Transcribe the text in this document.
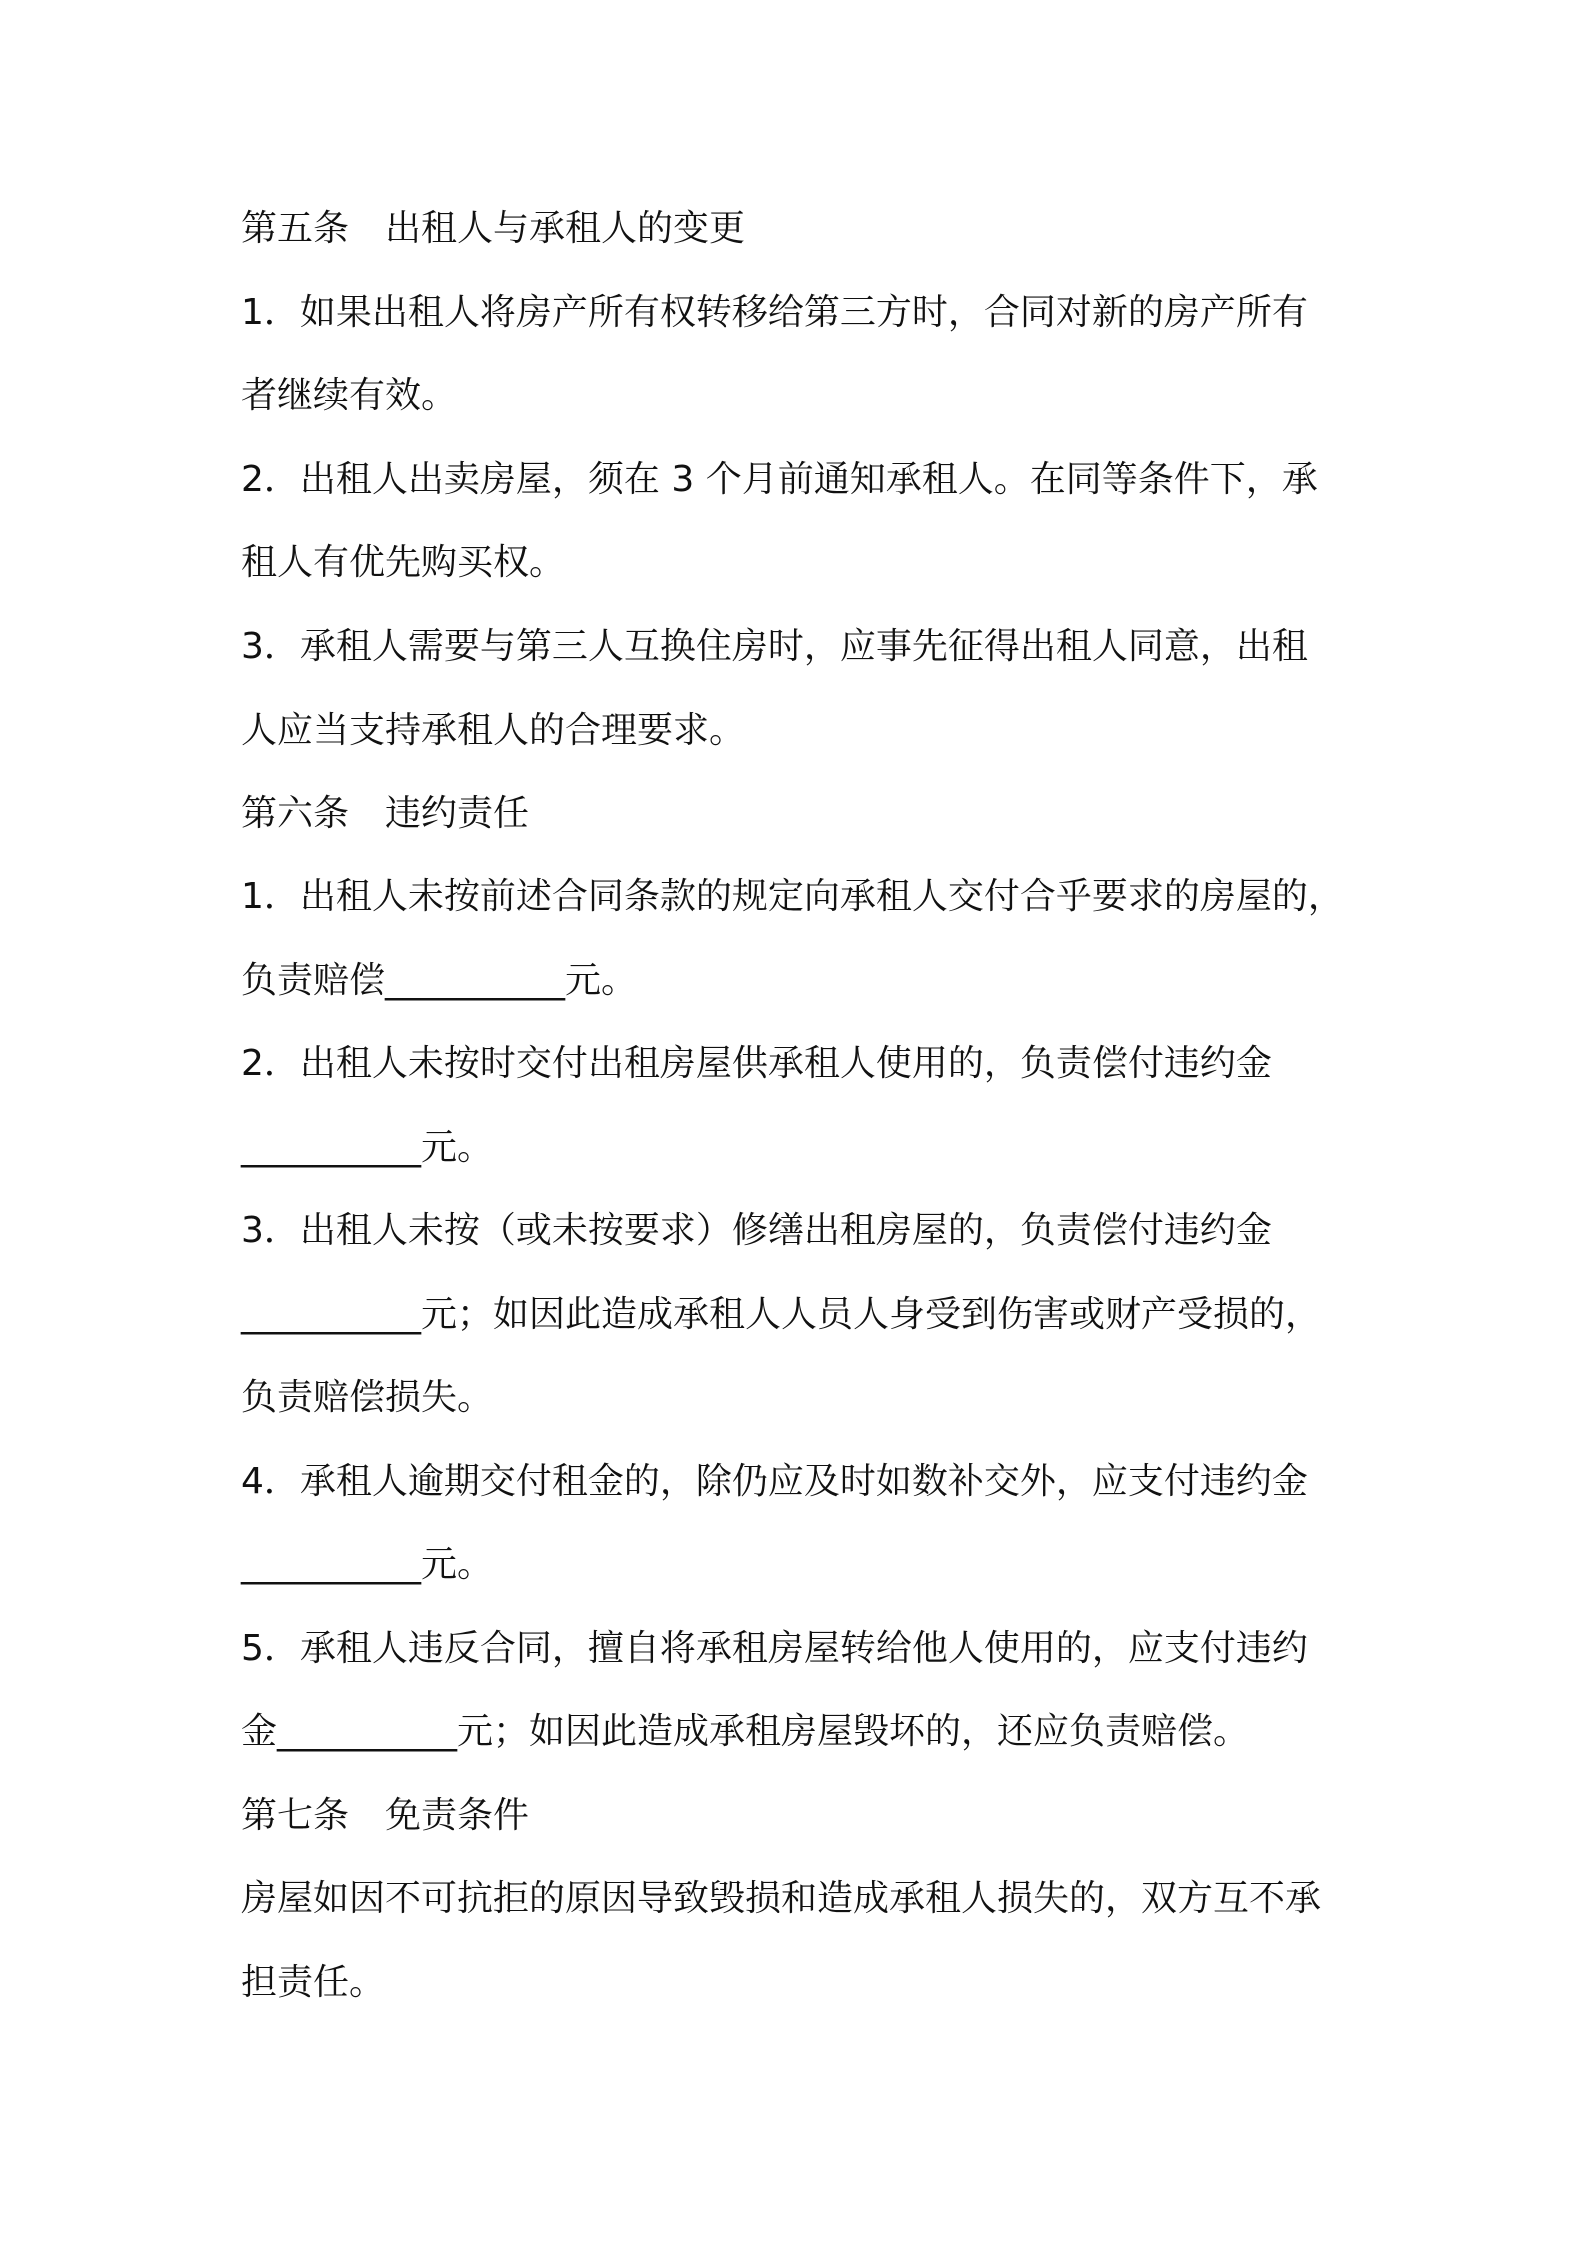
第五条　出租人与承租人的变更

1．如果出租人将房产所有权转移给第三方时，合同对新的房产所有

者继续有效。

2．出租人出卖房屋，须在 3 个月前通知承租人。在同等条件下，承

租人有优先购买权。

3．承租人需要与第三人互换住房时，应事先征得出租人同意，出租

人应当支持承租人的合理要求。

第六条　违约责任

1．出租人未按前述合同条款的规定向承租人交付合乎要求的房屋的，

负责赔偿__________元。

2．出租人未按时交付出租房屋供承租人使用的，负责偿付违约金

__________元。

3．出租人未按（或未按要求）修缮出租房屋的，负责偿付违约金

__________元；如因此造成承租人人员人身受到伤害或财产受损的，

负责赔偿损失。

4．承租人逾期交付租金的，除仍应及时如数补交外，应支付违约金

__________元。

5．承租人违反合同，擅自将承租房屋转给他人使用的，应支付违约

金__________元；如因此造成承租房屋毁坏的，还应负责赔偿。

第七条　免责条件

房屋如因不可抗拒的原因导致毁损和造成承租人损失的，双方互不承

担责任。
